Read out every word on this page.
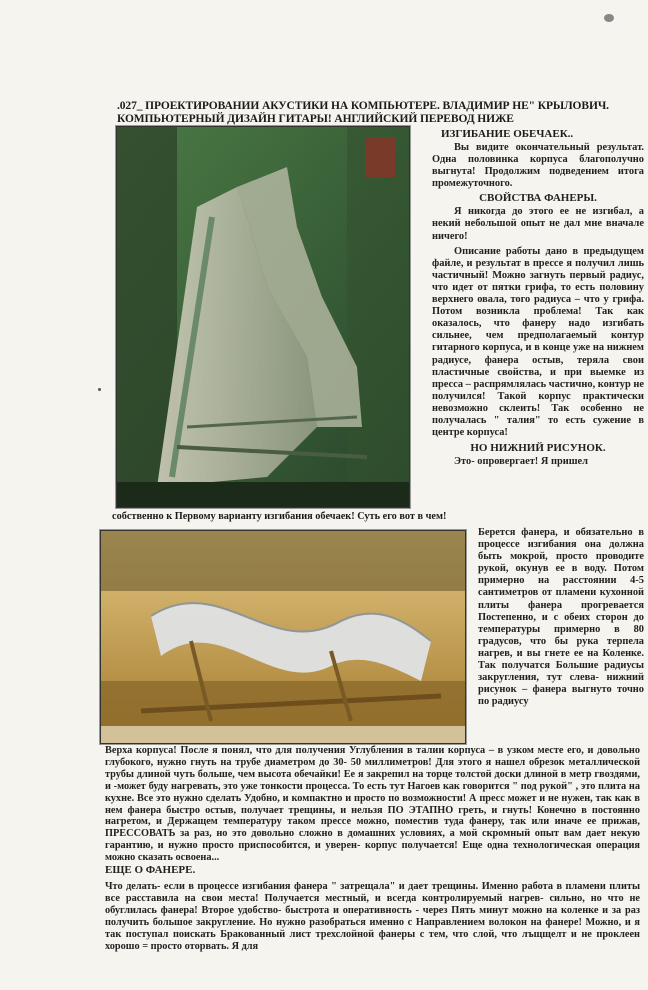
.027_ ПРОЕКТИРОВАНИИ АКУСТИКИ НА КОМПЬЮТЕРЕ. ВЛАДИМИР НЕ" КРЫЛОВИЧ.
КОМПЬЮТЕРНЫЙ ДИЗАЙН ГИТАРЫ! АНГЛИЙСКИЙ ПЕРЕВОД НИЖЕ
ИЗГИБАНИЕ ОБЕЧАЕК..

Вы видите окончательный результат. Одна половинка корпуса благополучно выгнута! Продолжим подведением итога промежуточного.

СВОЙСТВА ФАНЕРЫ.

Я никогда до этого ее не изгибал, а некий небольшой опыт не дал мне вначале ничего!

Описание работы дано в предыдущем файле, и результат в прессе я получил лишь частичный! Можно загнуть первый радиус, что идет от пятки грифа, то есть половину верхнего овала, того радиуса – что у грифа. Потом возникла проблема! Так как оказалось, что фанеру надо изгибать сильнее, чем предполагаемый контур гитарного корпуса, и в конце уже на нижнем радиусе, фанера остыв, теряла свои пластичные свойства, и при выемке из пресса – распрямлялась частично, контур не получился! Такой корпус практически невозможно склеить! Так особенно не получалась " талия" то есть сужение в центре корпуса!

НО НИЖНИЙ РИСУНОК.

Это- опровергает! Я пришел

собственно к Первому варианту изгибания обечаек! Суть его вот в чем!

Берется фанера, и обязательно в процессе изгибания она должна быть мокрой, просто проводите рукой, окунув ее в воду. Потом примерно на расстоянии 4-5 сантиметров от пламени кухонной плиты фанера прогревается Постепенно, и с обеих сторон до температуры примерно в 80 градусов, что бы рука терпела нагрев, и вы гнете ее на Коленке. Так получатся Большие радиусы закругления, тут слева- нижний рисунок – фанера выгнуто точно по радиусу

Верха корпуса! После я понял, что для получения Углубления в талии корпуса – в узком месте его, и довольно глубокого, нужно гнуть на трубе диаметром до 30- 50 миллиметров! Для этого я нашел обрезок металлической трубы длиной чуть больше, чем высота обечайки! Ее я закрепил на торце толстой доски длиной в метр гвоздями, и -может буду нагревать, это уже тонкости процесса. То есть тут Нагоев как говорится " под рукой" , это плита на кухне. Все это нужно сделать Удобно, и компактно и просто по возможности! А пресс может и не нужен, так как в нем фанера быстро остыв, получает трещины, и нельзя ПО ЭТАПНО греть, и гнуть! Конечно в постоянно нагретом, и Держащем температуру таком прессе можно, поместив туда фанеру, так или иначе ее прижав, ПРЕССОВАТЬ за раз, но это довольно сложно в домашних условиях, а мой скромный опыт вам дает некую гарантию, и нужно просто приспособится, и уверен- корпус получается! Еще одна технологическая операция можно сказать освоена...

ЕЩЕ О ФАНЕРЕ.

Что делать- если в процессе изгибания фанера " затрещала" и дает трещины. Именно работа в пламени плиты все расставила на свои места! Получается местный, и всегда контролируемый нагрев- сильно, но что не обуглилась фанера! Второе удобство- быстрота и оперативность - через Пять минут можно на коленке и за раз получить большое закругление. Но нужно разобраться именно с Направлением волокон на фанере! Можно, и я так поступал поискать Бракованный лист трехслойной фанеры с тем, что слой, что лъщщелт и не проклеен хорошо = просто оторвать. Я для
